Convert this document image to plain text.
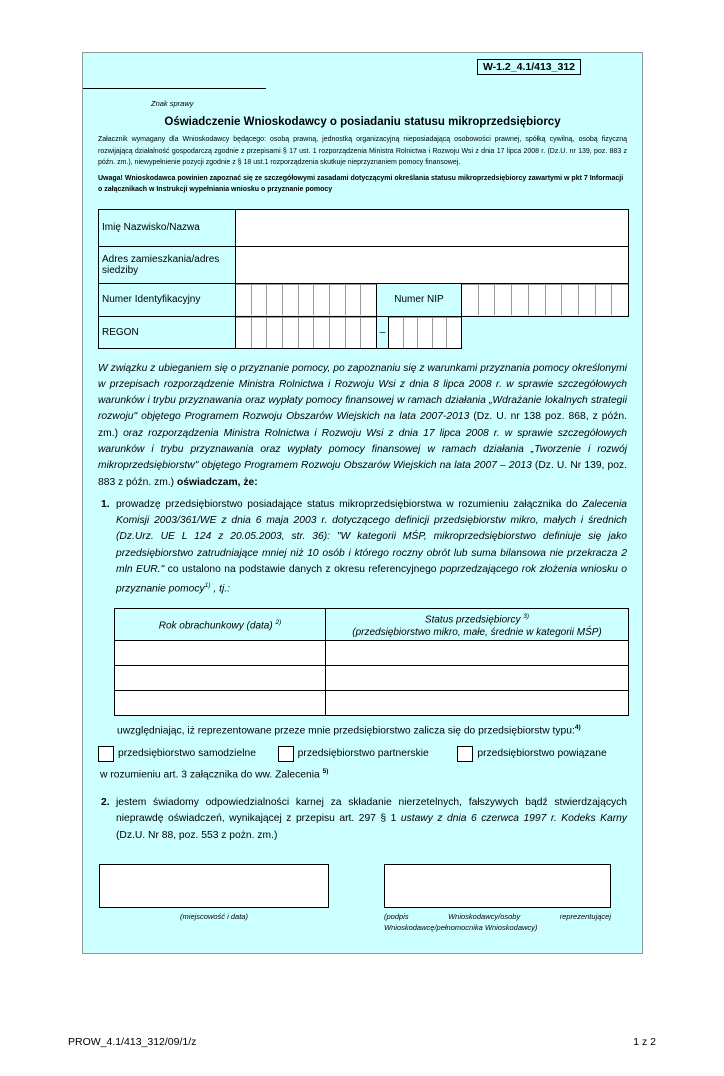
W-1.2_4.1/413_312
Znak sprawy
Oświadczenie Wnioskodawcy o posiadaniu statusu mikroprzedsiębiorcy
Załacznik wymagany dla Wnioskodawcy będącego: osobą prawną, jednostką organizacyjną nieposiadającą osobowości prawnej, spółką cywilną, osobą fizyczną rozwijającą działalność gospodarczą zgodnie z przepisami § 17 ust. 1 rozporządzenia Ministra Rolnictwa i Rozwoju Wsi z dnia 17 lipca 2008 r. (Dz.U. nr 139, poz. 883 z późn. zm.), niewypełnienie pozycji zgodnie z § 18 ust.1 rozporządzenia skutkuje nieprzyznaniem pomocy finansowej.
Uwaga! Wnioskodawca powinien zapoznać się ze szczegółowymi zasadami dotyczącymi określania statusu mikroprzedsiębiorcy zawartymi w pkt 7 Informacji o załącznikach w Instrukcji wypełniania wniosku o przyznanie pomocy
Imię Nazwisko/Nazwa				
Adres zamieszkania/adres siedziby				
Numer Identyfikacyjny		Numer NIP		

REGON		–	

W związku z ubieganiem się o przyznanie pomocy, po zapoznaniu się z warunkami przyznania pomocy określonymi w przepisach rozporządzenie Ministra Rolnictwa i Rozwoju Wsi z dnia 8 lipca 2008 r. w sprawie szczegółowych warunków i trybu przyznawania oraz wypłaty pomocy finansowej w ramach działania „Wdrażanie lokalnych strategii rozwoju" objętego Programem Rozwoju Obszarów Wiejskich na lata 2007-2013 (Dz. U. nr 138 poz. 868, z późn. zm.) oraz rozporządzenia Ministra Rolnictwa i Rozwoju Wsi z dnia 17 lipca 2008 r. w sprawie szczegółowych warunków i trybu przyznawania oraz wypłaty pomocy finansowej w ramach działania „Tworzenie i rozwój mikroprzedsiębiorstw" objętego Programem Rozwoju Obszarów Wiejskich na lata 2007 – 2013 (Dz. U. Nr 139, poz. 883 z późn. zm.) oświadczam, że:
1. prowadzę przedsiębiorstwo posiadające status mikroprzedsiębiorstwa w rozumieniu załącznika do Zalecenia Komisji 2003/361/WE z dnia 6 maja 2003 r. dotyczącego definicji przedsiębiorstw mikro, małych i średnich (Dz.Urz. UE L 124 z 20.05.2003, str. 36): "W kategorii MŚP, mikroprzedsiębiorstwo definiuje się jako przedsiębiorstwo zatrudniające mniej niż 10 osób i którego roczny obrót lub suma bilansowa nie przekracza 2 mln EUR." co ustalono na podstawie danych z okresu referencyjnego poprzedzającego rok złożenia wniosku o przyznanie pomocy$^{1)}$ , tj.:
Rok obrachunkowy (data) $^{2)}$	Status przedsiębiorcy $^{3)}$
(przedsiębiorstwo mikro, małe, średnie w kategorii MŚP)

uwzględniając, iż reprezentowane przeze mnie przedsiębiorstwo zalicza się do przedsiębiorstw typu:$^{4)}$
przedsiębiorstwo samodzielne	przedsiębiorstwo partnerskie	przedsiębiorstwo powiązane
w rozumieniu art. 3 załącznika do ww. Zalecenia $^{5)}$
2. jestem świadomy odpowiedzialności karnej za składanie nierzetelnych, fałszywych bądź stwierdzających nieprawdę oświadczeń, wynikającej z przepisu art. 297 § 1 ustawy z dnia 6 czerwca 1997 r. Kodeks Karny (Dz.U. Nr 88, poz. 553 z pożn. zm.)
(miejscowość i data)	(podpis Wnioskodawcy/osoby reprezentującej Wnioskodawcę/pełnomocnika Wnioskodawcy)
PROW_4.1/413_312/09/1/z	1 z 2
